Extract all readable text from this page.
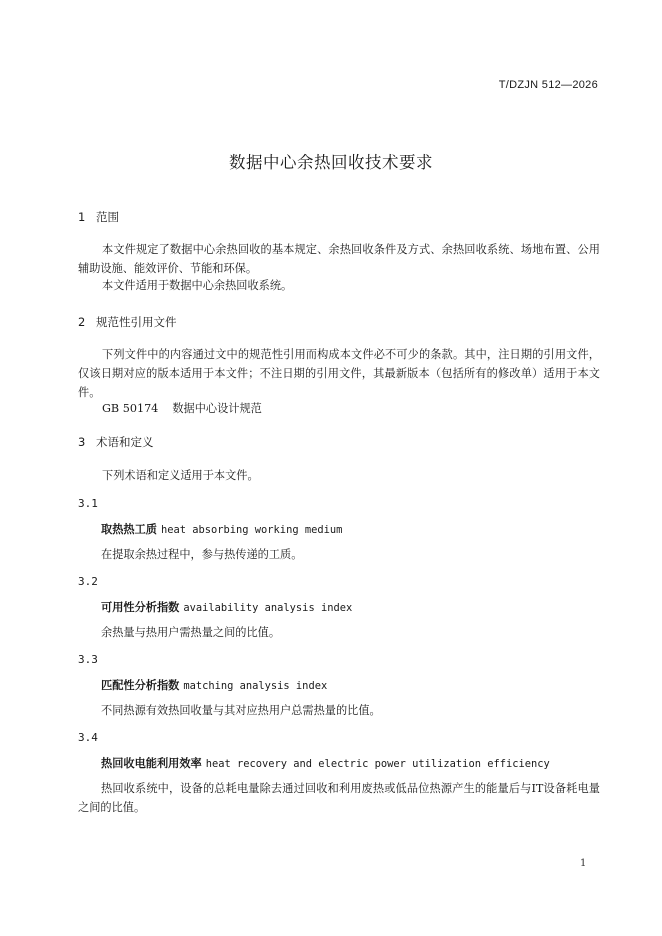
T/DZJN 512—2026
数据中心余热回收技术要求
1 范围
本文件规定了数据中心余热回收的基本规定、余热回收条件及方式、余热回收系统、场地布置、公用辅助设施、能效评价、节能和环保。
本文件适用于数据中心余热回收系统。
2 规范性引用文件
下列文件中的内容通过文中的规范性引用而构成本文件必不可少的条款。其中，注日期的引用文件，仅该日期对应的版本适用于本文件；不注日期的引用文件，其最新版本（包括所有的修改单）适用于本文件。
GB 50174 数据中心设计规范
3 术语和定义
下列术语和定义适用于本文件。
3.1
取热热工质 heat absorbing working medium
在提取余热过程中，参与热传递的工质。
3.2
可用性分析指数 availability analysis index
余热量与热用户需热量之间的比值。
3.3
匹配性分析指数 matching analysis index
不同热源有效热回收量与其对应热用户总需热量的比值。
3.4
热回收电能利用效率 heat recovery and electric power utilization efficiency
热回收系统中，设备的总耗电量除去通过回收和利用废热或低品位热源产生的能量后与IT设备耗电量之间的比值。
1
